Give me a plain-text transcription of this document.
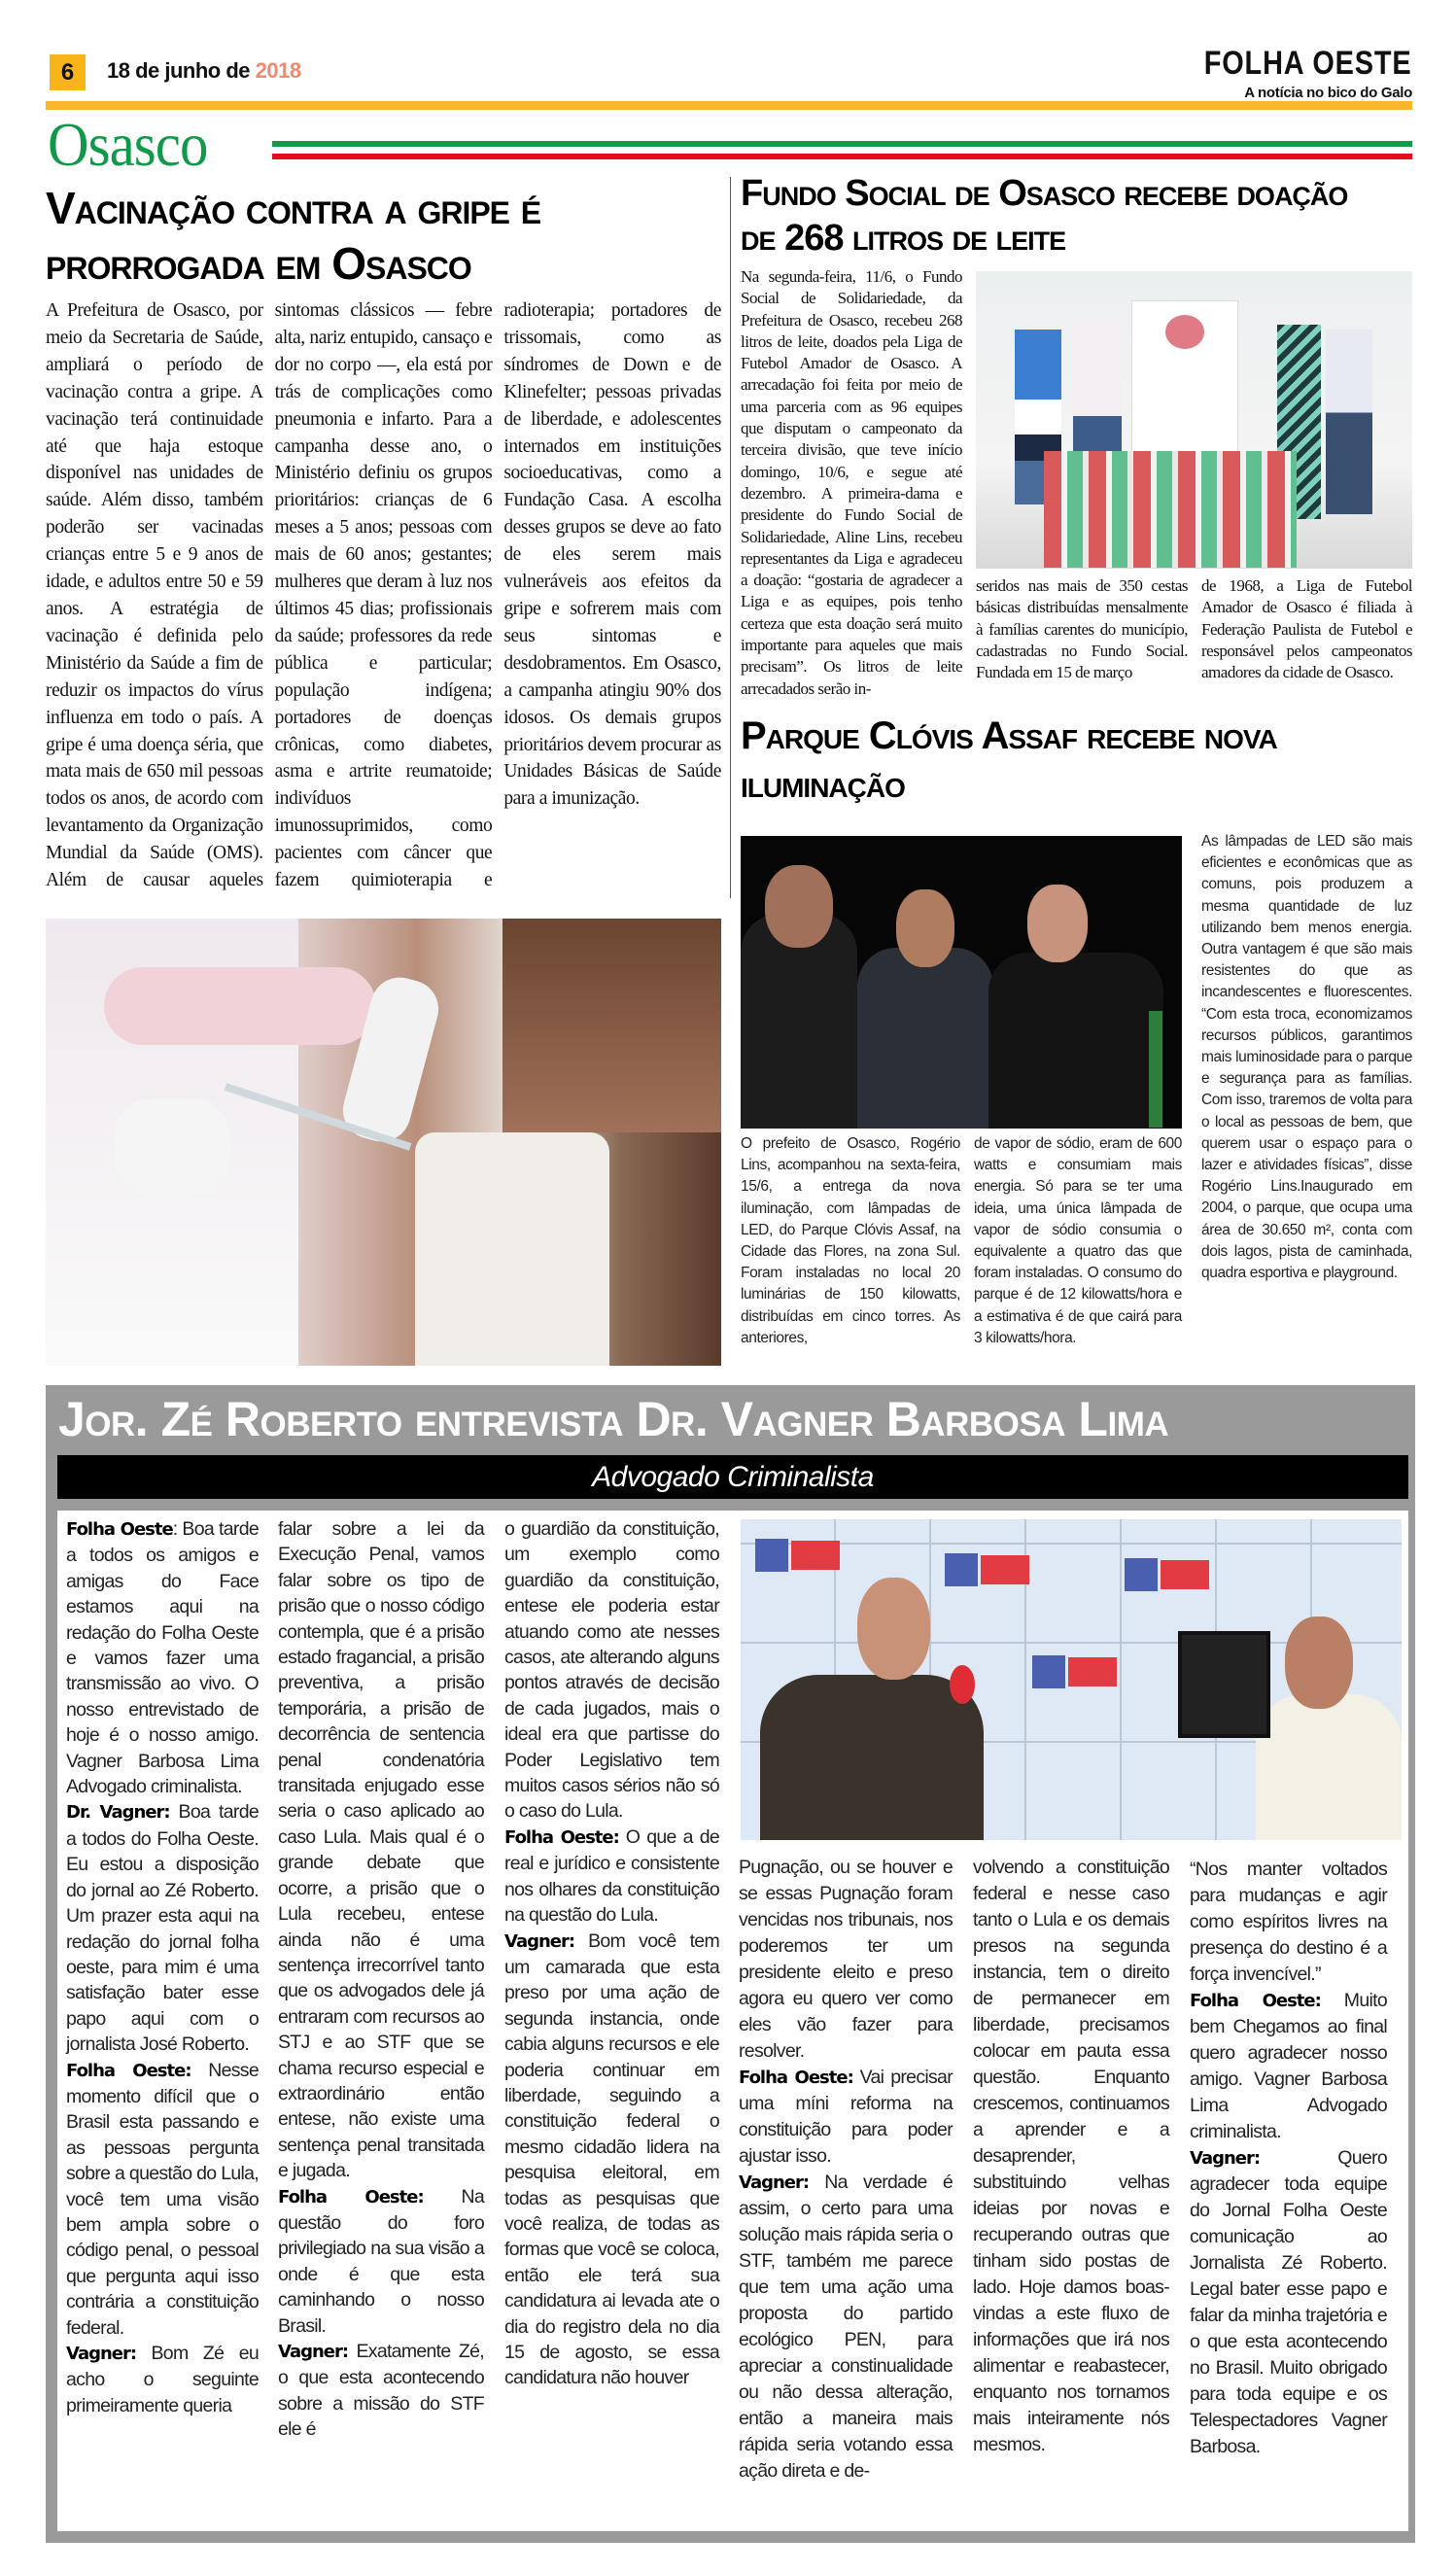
6	18 de junho de 2018	FOLHA OESTE
A notícia no bico do Galo
Osasco
Vacinação contra a gripe é
prorrogada em Osasco
A Prefeitura de Osasco, por meio da Secretaria de Saúde, ampliará o período de vacinação contra a gripe. A vacinação terá continuidade até que haja estoque disponível nas unidades de saúde. Além disso, também poderão ser vacinadas crianças entre 5 e 9 anos de idade, e adultos entre 50 e 59 anos. A estratégia de vacinação é definida pelo Ministério da Saúde a fim de reduzir os impactos do vírus influenza em todo o país. A gripe é uma doença séria, que mata mais de 650 mil pessoas todos os anos, de acordo com levantamento da Organização Mundial da Saúde (OMS). Além de causar aqueles sintomas clássicos — febre alta, nariz entupido, cansaço e dor no corpo —, ela está por trás de complicações como pneumonia e infarto. Para a campanha desse ano, o Ministério definiu os grupos prioritários: crianças de 6 meses a 5 anos; pessoas com mais de 60 anos; gestantes; mulheres que deram à luz nos últimos 45 dias; profissionais da saúde; professores da rede pública e particular; população indígena; portadores de doenças crônicas, como diabetes, asma e artrite reumatoide; indivíduos imunossuprimidos, como pacientes com câncer que fazem quimioterapia e radioterapia; portadores de trissomais, como as síndromes de Down e de Klinefelter; pessoas privadas de liberdade, e adolescentes internados em instituições socioeducativas, como a Fundação Casa. A escolha desses grupos se deve ao fato de eles serem mais vulneráveis aos efeitos da gripe e sofrerem mais com seus sintomas e desdobramentos. Em Osasco, a campanha atingiu 90% dos idosos. Os demais grupos prioritários devem procurar as Unidades Básicas de Saúde para a imunização.
Fundo Social de Osasco recebe doação
de 268 litros de leite
Na segunda-feira, 11/6, o Fundo Social de Solidariedade, da Prefeitura de Osasco, recebeu 268 litros de leite, doados pela Liga de Futebol Amador de Osasco. A arrecadação foi feita por meio de uma parceria com as 96 equipes que disputam o campeonato da terceira divisão, que teve início domingo, 10/6, e segue até dezembro. A primeira-dama e presidente do Fundo Social de Solidariedade, Aline Lins, recebeu representantes da Liga e agradeceu a doação: “gostaria de agradecer a Liga e as equipes, pois tenho certeza que esta doação será muito importante para aqueles que mais precisam”. Os litros de leite arrecadados serão in-
seridos nas mais de 350 cestas básicas distribuídas mensalmente à famílias carentes do município, cadastradas no Fundo Social. Fundada em 15 de março
de 1968, a Liga de Futebol Amador de Osasco é filiada à Federação Paulista de Futebol e responsável pelos campeonatos amadores da cidade de Osasco.
Parque Clóvis Assaf recebe nova
iluminação
O prefeito de Osasco, Rogério Lins, acompanhou na sexta-feira, 15/6, a entrega da nova iluminação, com lâmpadas de LED, do Parque Clóvis Assaf, na Cidade das Flores, na zona Sul. Foram instaladas no local 20 luminárias de 150 kilowatts, distribuídas em cinco torres. As anteriores,
de vapor de sódio, eram de 600 watts e consumiam mais energia. Só para se ter uma ideia, uma única lâmpada de vapor de sódio consumia o equivalente a quatro das que foram instaladas. O consumo do parque é de 12 kilowatts/hora e a estimativa é de que cairá para 3 kilowatts/hora.
As lâmpadas de LED são mais eficientes e econômicas que as comuns, pois produzem a mesma quantidade de luz utilizando bem menos energia. Outra vantagem é que são mais resistentes do que as incandescentes e fluorescentes. “Com esta troca, economizamos recursos públicos, garantimos mais luminosidade para o parque e segurança para as famílias. Com isso, traremos de volta para o local as pessoas de bem, que querem usar o espaço para o lazer e atividades físicas”, disse Rogério Lins.Inaugurado em 2004, o parque, que ocupa uma área de 30.650 m², conta com dois lagos, pista de caminhada, quadra esportiva e playground.
Jor. Zé Roberto entrevista Dr. Vagner Barbosa Lima
Advogado Criminalista

Folha Oeste: Boa tarde a todos os amigos e amigas do Face estamos aqui na redação do Folha Oeste e vamos fazer uma transmissão ao vivo. O nosso entrevistado de hoje é o nosso amigo. Vagner Barbosa Lima Advogado criminalista.

Dr. Vagner: Boa tarde a todos do Folha Oeste. Eu estou a disposição do jornal ao Zé Roberto. Um prazer esta aqui na redação do jornal folha oeste, para mim é uma satisfação bater esse papo aqui com o jornalista José Roberto.

Folha Oeste: Nesse momento difícil que o Brasil esta passando e as pessoas pergunta sobre a questão do Lula, você tem uma visão bem ampla sobre o código penal, o pessoal que pergunta aqui isso contrária a constituição federal.

Vagner: Bom Zé eu acho o seguinte primeiramente queria

falar sobre a lei da Execução Penal, vamos falar sobre os tipo de prisão que o nosso código contempla, que é a prisão estado fragancial, a prisão preventiva, a prisão temporária, a prisão de decorrência de sentencia penal condenatória transitada enjugado esse seria o caso aplicado ao caso Lula. Mais qual é o grande debate que ocorre, a prisão que o Lula recebeu, entese ainda não é uma sentença irrecorrível tanto que os advogados dele já entraram com recursos ao STJ e ao STF que se chama recurso especial e extraordinário então entese, não existe uma sentença penal transitada e jugada.

Folha Oeste: Na questão do foro privilegiado na sua visão a onde é que esta caminhando o nosso Brasil.

Vagner: Exatamente Zé, o que esta acontecendo sobre a missão do STF ele é

o guardião da constituição, um exemplo como guardião da constituição, entese ele poderia estar atuando como ate nesses casos, ate alterando alguns pontos através de decisão de cada jugados, mais o ideal era que partisse do Poder Legislativo tem muitos casos sérios não só o caso do Lula.

Folha Oeste: O que a de real e jurídico e consistente nos olhares da constituição na questão do Lula.

Vagner: Bom você tem um camarada que esta preso por uma ação de segunda instancia, onde cabia alguns recursos e ele poderia continuar em liberdade, seguindo a constituição federal o mesmo cidadão lidera na pesquisa eleitoral, em todas as pesquisas que você realiza, de todas as formas que você se coloca, então ele terá sua candidatura ai levada ate o dia do registro dela no dia 15 de agosto, se essa candidatura não houver

Pugnação, ou se houver e se essas Pugnação foram vencidas nos tribunais, nos poderemos ter um presidente eleito e preso agora eu quero ver como eles vão fazer para resolver.

Folha Oeste: Vai precisar uma míni reforma na constituição para poder ajustar isso.

Vagner: Na verdade é assim, o certo para uma solução mais rápida seria o STF, também me parece que tem uma ação uma proposta do partido ecológico PEN, para apreciar a constinualidade ou não dessa alteração, então a maneira mais rápida seria votando essa ação direta e de-

volvendo a constituição federal e nesse caso tanto o Lula e os demais presos na segunda instancia, tem o direito de permanecer em liberdade, precisamos colocar em pauta essa questão. Enquanto crescemos, continuamos a aprender e a desaprender, substituindo velhas ideias por novas e recuperando outras que tinham sido postas de lado. Hoje damos boas-vindas a este fluxo de informações que irá nos alimentar e reabastecer, enquanto nos tornamos mais inteiramente nós mesmos.

“Nos manter voltados para mudanças e agir como espíritos livres na presença do destino é a força invencível.”

Folha Oeste: Muito bem Chegamos ao final quero agradecer nosso amigo. Vagner Barbosa Lima Advogado criminalista.

Vagner: Quero agradecer toda equipe do Jornal Folha Oeste comunicação ao Jornalista Zé Roberto. Legal bater esse papo e falar da minha trajetória e o que esta acontecendo no Brasil. Muito obrigado para toda equipe e os Telespectadores Vagner Barbosa.
